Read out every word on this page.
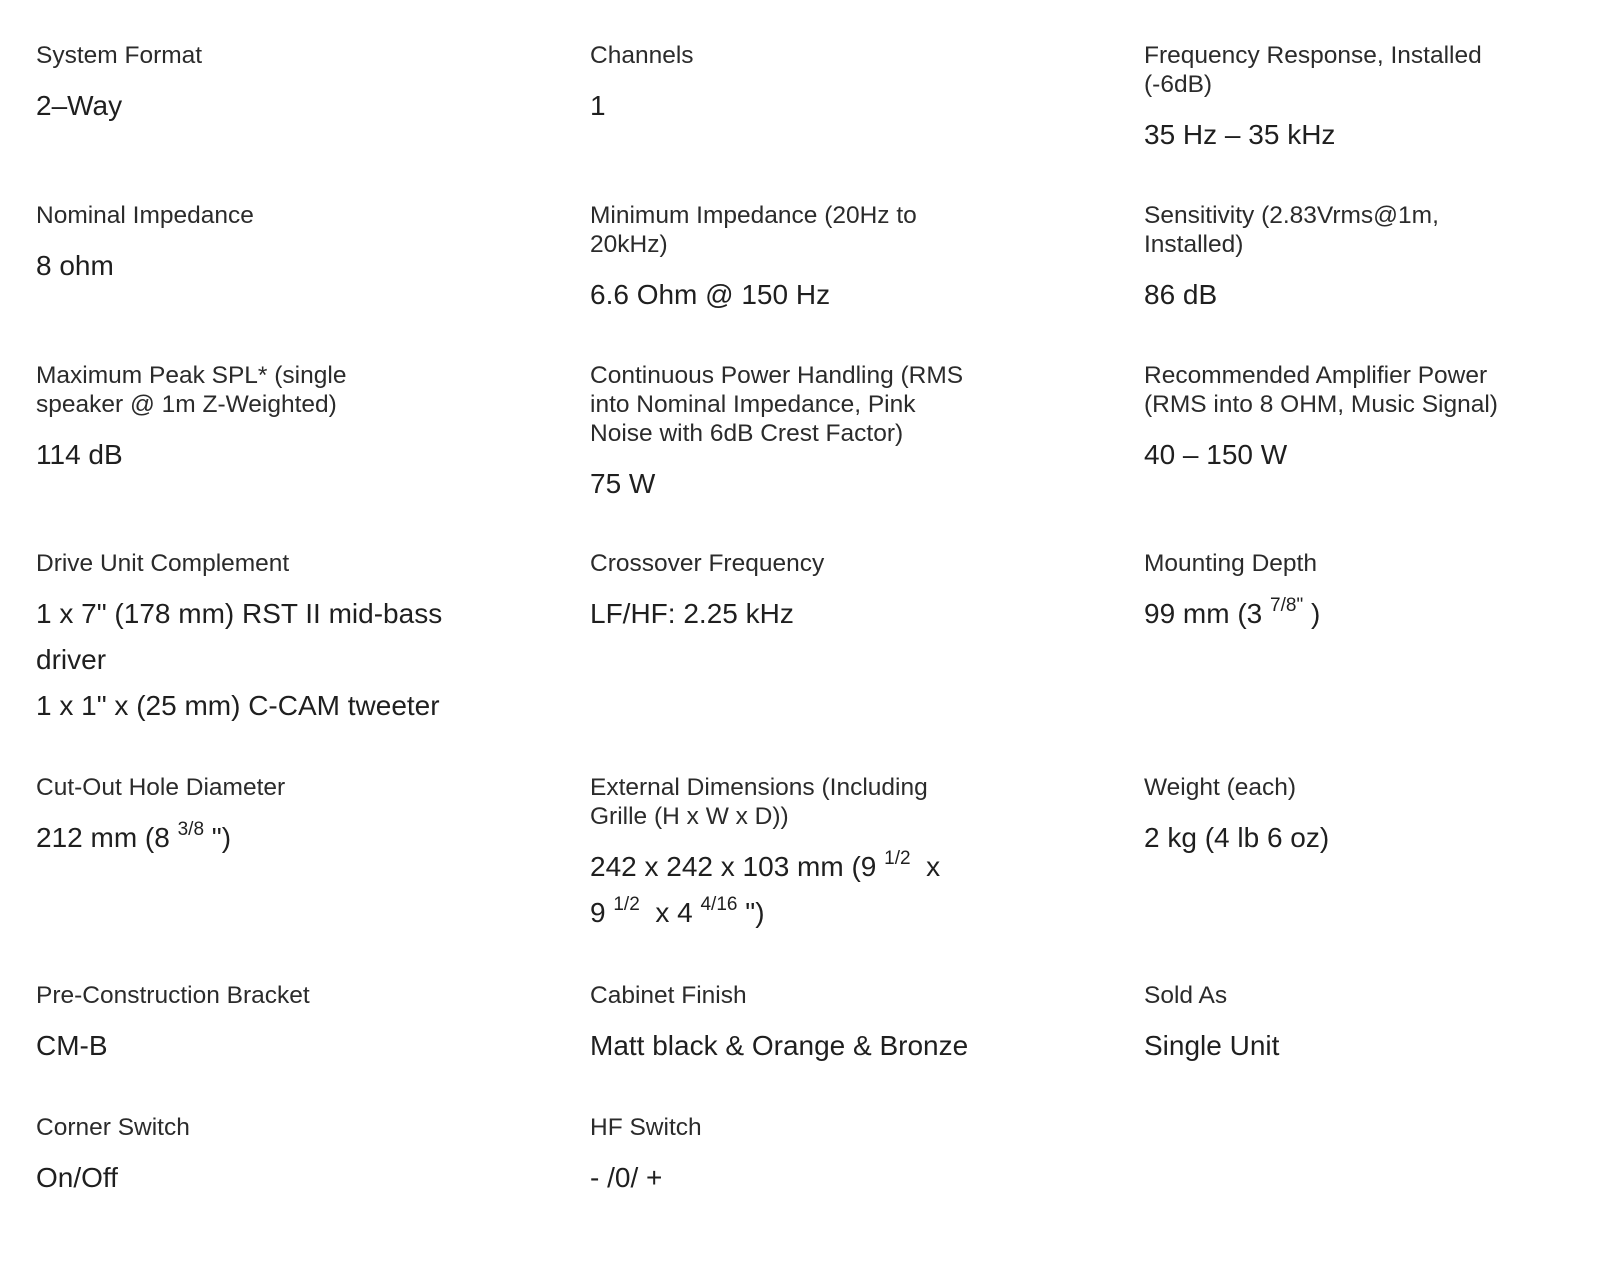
System Format
2–Way
Channels
1
Frequency Response, Installed
(-6dB)
35 Hz – 35 kHz
Nominal Impedance
8 ohm
Minimum Impedance (20Hz to
20kHz)
6.6 Ohm @ 150 Hz
Sensitivity (2.83Vrms@1m,
Installed)
86 dB
Maximum Peak SPL* (single
speaker @ 1m Z-Weighted)
114 dB
Continuous Power Handling (RMS
into Nominal Impedance, Pink
Noise with 6dB Crest Factor)
75 W
Recommended Amplifier Power
(RMS into 8 OHM, Music Signal)
40 – 150 W
Drive Unit Complement
1 x 7" (178 mm) RST II mid-bass driver
1 x 1" x (25 mm) C-CAM tweeter
Crossover Frequency
LF/HF: 2.25 kHz
Mounting Depth
99 mm (3 $^{7/8"}$ )
Cut-Out Hole Diameter
212 mm (8 $^{3/8}$ ")
External Dimensions (Including
Grille (H x W x D))
242 x 242 x 103 mm (9 $^{1/2}$  x
9 $^{1/2}$  x 4 $^{4/16}$ ")
Weight (each)
2 kg (4 lb 6 oz)
Pre-Construction Bracket
CM-B
Cabinet Finish
Matt black & Orange & Bronze
Sold As
Single Unit
Corner Switch
On/Off
HF Switch
- /0/ +
